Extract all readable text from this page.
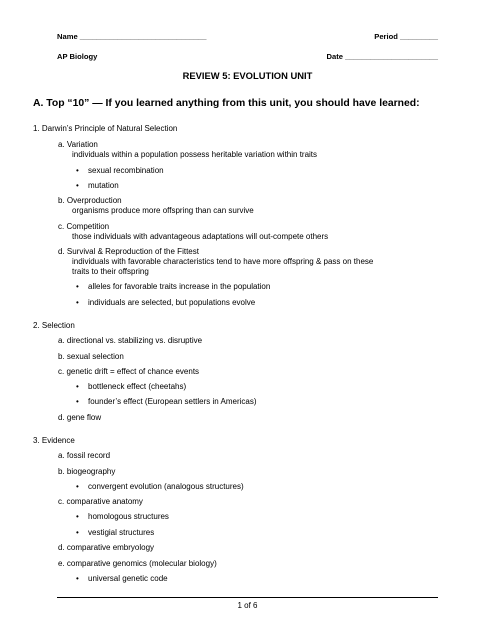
Name ______________________________	Period _________
AP Biology	Date ______________________
REVIEW 5: EVOLUTION UNIT
A. Top “10” — If you learned anything from this unit, you should have learned:
1. Darwin’s Principle of Natural Selection
a. Variation
individuals within a population possess heritable variation within traits
• sexual recombination
• mutation
b. Overproduction
organisms produce more offspring than can survive
c. Competition
those individuals with advantageous adaptations will out-compete others
d. Survival & Reproduction of the Fittest
individuals with favorable characteristics tend to have more offspring & pass on these
traits to their offspring
• alleles for favorable traits increase in the population
• individuals are selected, but populations evolve
2. Selection
a. directional vs. stabilizing vs. disruptive
b. sexual selection
c. genetic drift = effect of chance events
• bottleneck effect (cheetahs)
• founder’s effect (European settlers in Americas)
d. gene flow
3. Evidence
a. fossil record
b. biogeography
• convergent evolution (analogous structures)
c. comparative anatomy
• homologous structures
• vestigial structures
d. comparative embryology
e. comparative genomics (molecular biology)
• universal genetic code
1 of 6
